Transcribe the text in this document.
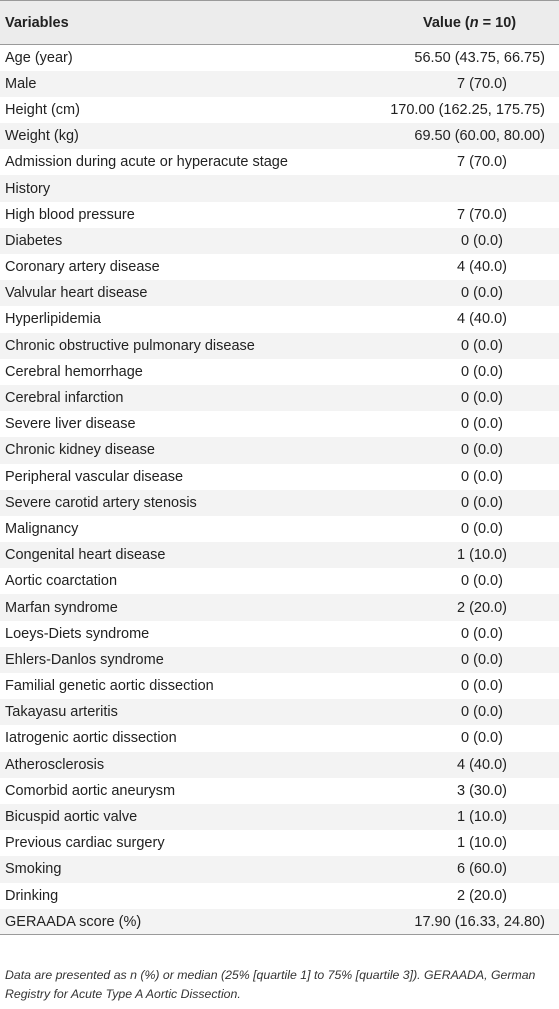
Variables	Value (n = 10)
Age (year)	56.50 (43.75, 66.75)
Male	7 (70.0)
Height (cm)	170.00 (162.25, 175.75)
Weight (kg)	69.50 (60.00, 80.00)
Admission during acute or hyperacute stage	7 (70.0)
History	
High blood pressure	7 (70.0)
Diabetes	0 (0.0)
Coronary artery disease	4 (40.0)
Valvular heart disease	0 (0.0)
Hyperlipidemia	4 (40.0)
Chronic obstructive pulmonary disease	0 (0.0)
Cerebral hemorrhage	0 (0.0)
Cerebral infarction	0 (0.0)
Severe liver disease	0 (0.0)
Chronic kidney disease	0 (0.0)
Peripheral vascular disease	0 (0.0)
Severe carotid artery stenosis	0 (0.0)
Malignancy	0 (0.0)
Congenital heart disease	1 (10.0)
Aortic coarctation	0 (0.0)
Marfan syndrome	2 (20.0)
Loeys-Diets syndrome	0 (0.0)
Ehlers-Danlos syndrome	0 (0.0)
Familial genetic aortic dissection	0 (0.0)
Takayasu arteritis	0 (0.0)
Iatrogenic aortic dissection	0 (0.0)
Atherosclerosis	4 (40.0)
Comorbid aortic aneurysm	3 (30.0)
Bicuspid aortic valve	1 (10.0)
Previous cardiac surgery	1 (10.0)
Smoking	6 (60.0)
Drinking	2 (20.0)
GERAADA score (%)	17.90 (16.33, 24.80)
Data are presented as n (%) or median (25% [quartile 1] to 75% [quartile 3]). GERAADA, German Registry for Acute Type A Aortic Dissection.
